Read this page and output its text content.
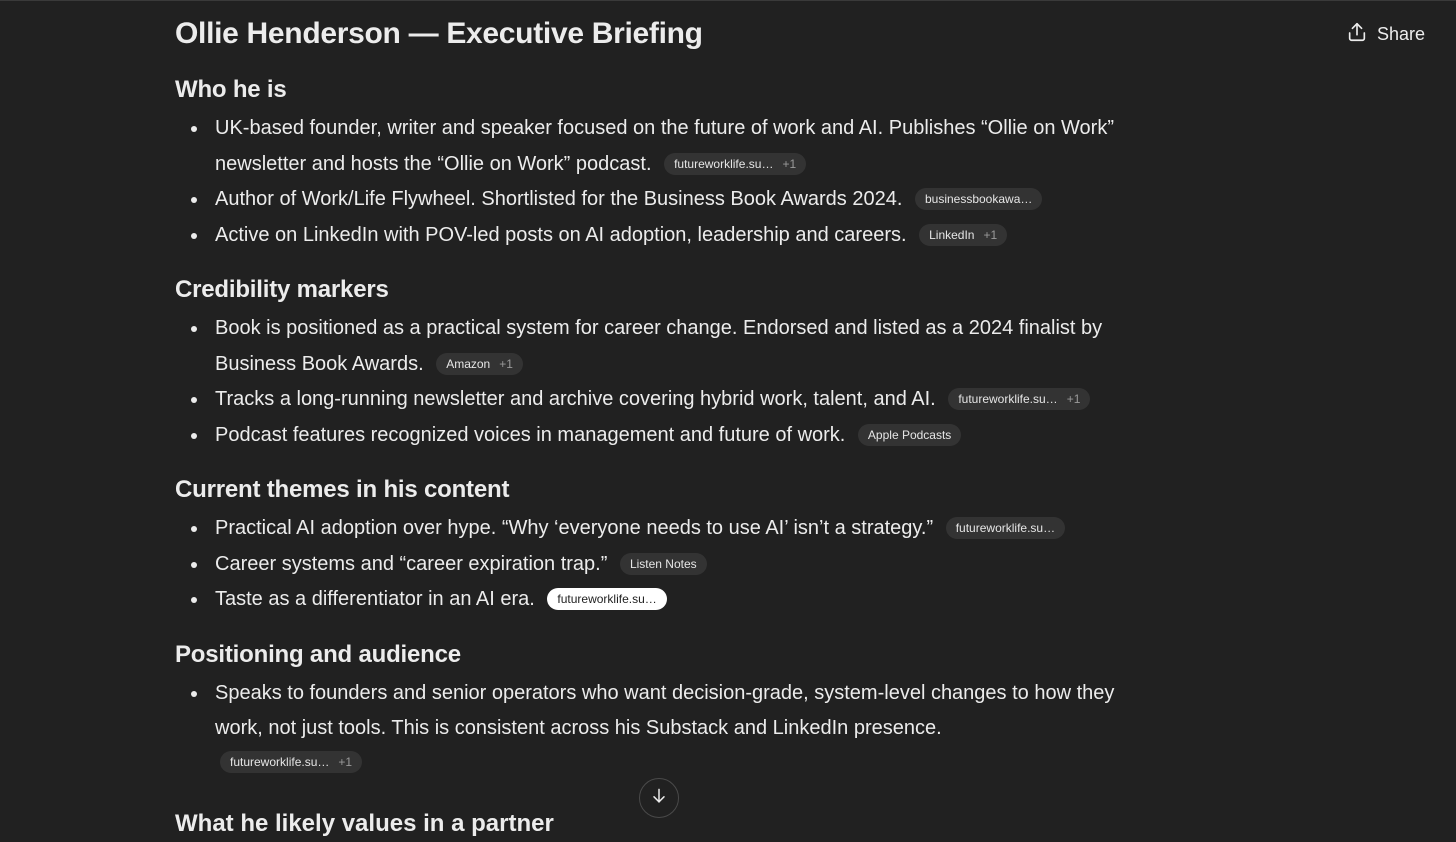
Share
Ollie Henderson — Executive Briefing
Who he is
UK-based founder, writer and speaker focused on the future of work and AI. Publishes “Ollie on Work” newsletter and hosts the “Ollie on Work” podcast. futureworklife.su… +1
Author of Work/Life Flywheel. Shortlisted for the Business Book Awards 2024. businessbookawa…
Active on LinkedIn with POV-led posts on AI adoption, leadership and careers. LinkedIn +1
Credibility markers
Book is positioned as a practical system for career change. Endorsed and listed as a 2024 finalist by Business Book Awards. Amazon +1
Tracks a long-running newsletter and archive covering hybrid work, talent, and AI. futureworklife.su… +1
Podcast features recognized voices in management and future of work. Apple Podcasts
Current themes in his content
Practical AI adoption over hype. “Why ‘everyone needs to use AI’ isn’t a strategy.” futureworklife.su…
Career systems and “career expiration trap.” Listen Notes
Taste as a differentiator in an AI era. futureworklife.su…
Positioning and audience
Speaks to founders and senior operators who want decision-grade, system-level changes to how they work, not just tools. This is consistent across his Substack and LinkedIn presence.
futureworklife.su… +1
What he likely values in a partner
